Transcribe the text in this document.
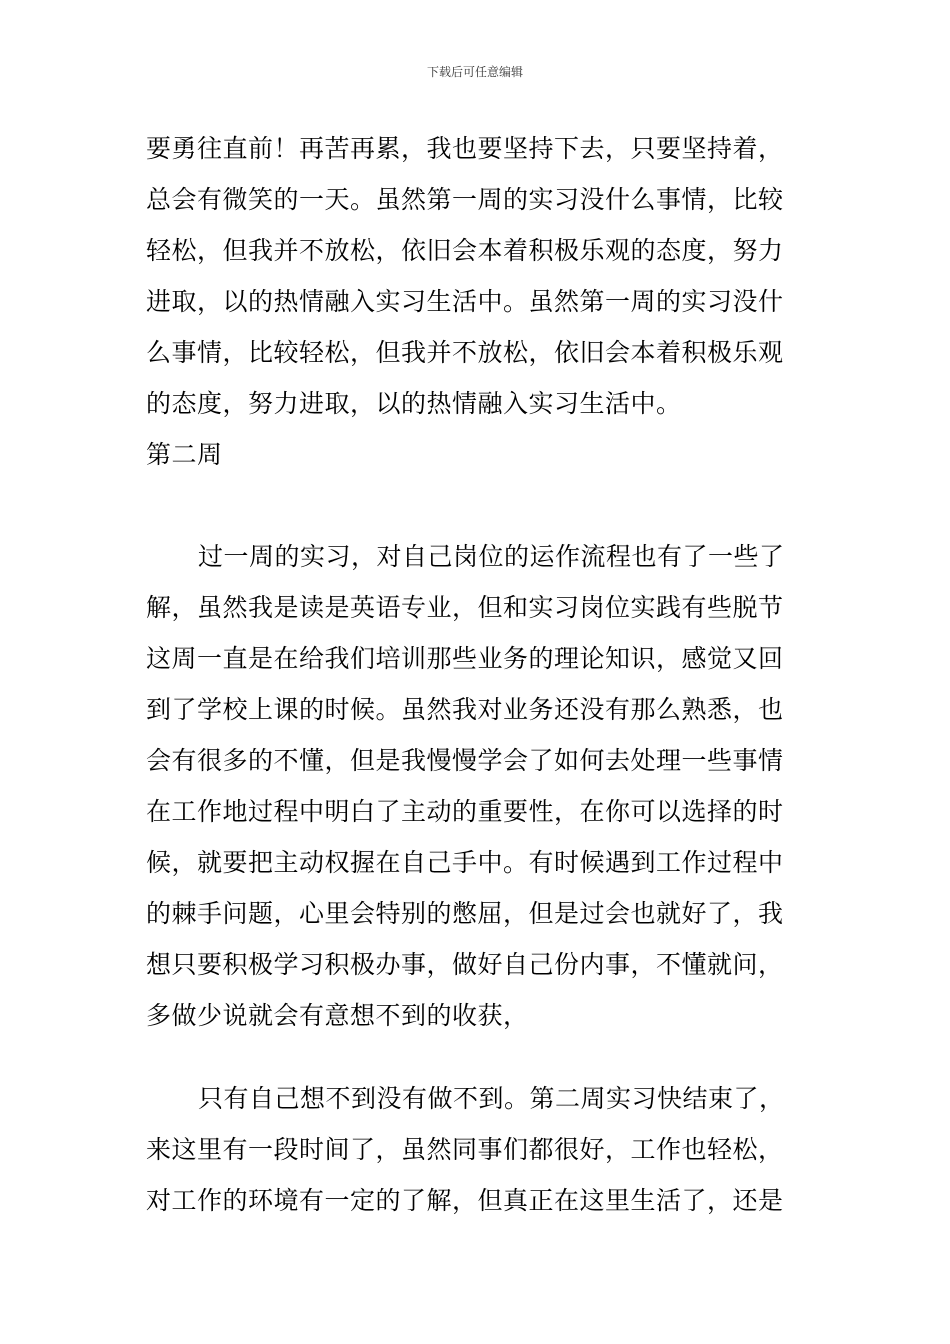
下载后可任意编辑
要勇往直前！再苦再累，我也要坚持下去，只要坚持着，
总会有微笑的一天。虽然第一周的实习没什么事情，比较
轻松，但我并不放松，依旧会本着积极乐观的态度，努力
进取，以的热情融入实习生活中。虽然第一周的实习没什
么事情，比较轻松，但我并不放松，依旧会本着积极乐观
的态度，努力进取，以的热情融入实习生活中。
第二周
过一周的实习，对自己岗位的运作流程也有了一些了
解，虽然我是读是英语专业，但和实习岗位实践有些脱节
这周一直是在给我们培训那些业务的理论知识，感觉又回
到了学校上课的时候。虽然我对业务还没有那么熟悉，也
会有很多的不懂，但是我慢慢学会了如何去处理一些事情
在工作地过程中明白了主动的重要性，在你可以选择的时
候，就要把主动权握在自己手中。有时候遇到工作过程中
的棘手问题，心里会特别的憋屈，但是过会也就好了，我
想只要积极学习积极办事，做好自己份内事，不懂就问，
多做少说就会有意想不到的收获，
只有自己想不到没有做不到。第二周实习快结束了，
来这里有一段时间了，虽然同事们都很好，工作也轻松，
对工作的环境有一定的了解，但真正在这里生活了，还是
